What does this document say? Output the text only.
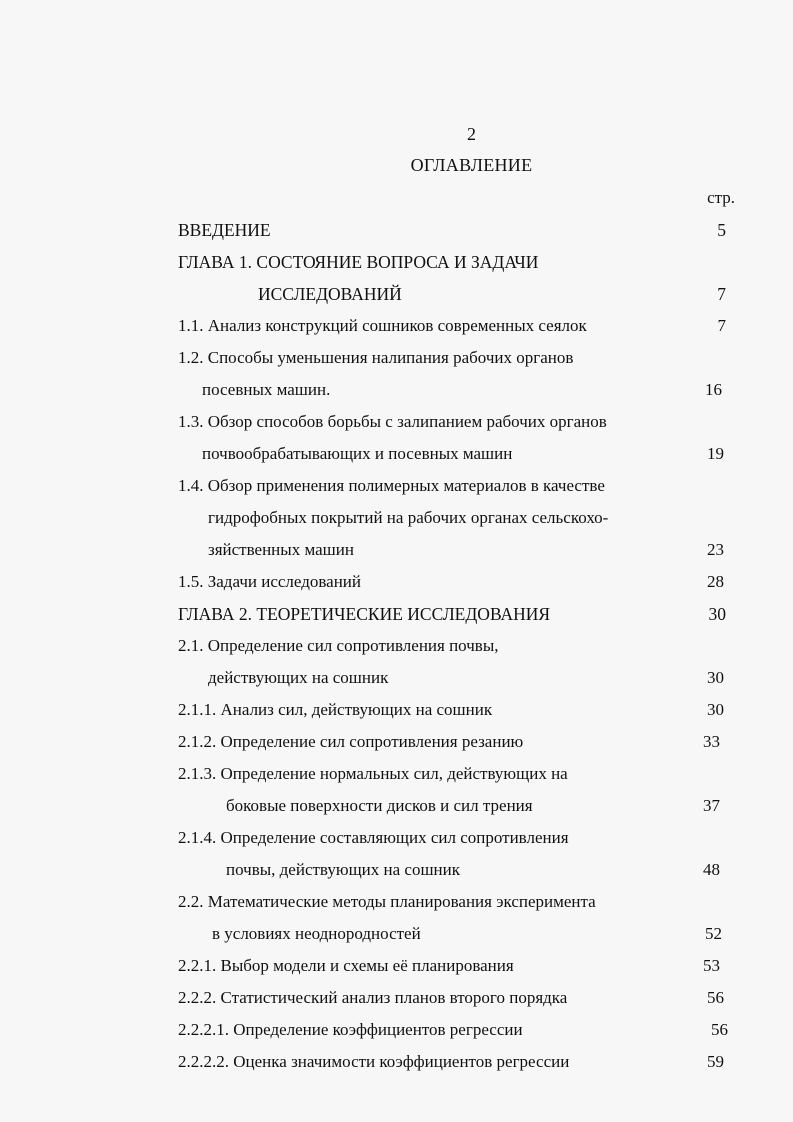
2
ОГЛАВЛЕНИЕ
стр.
ВВЕДЕНИЕ	5
ГЛАВА 1. СОСТОЯНИЕ ВОПРОСА И ЗАДАЧИ
ИССЛЕДОВАНИЙ	7
1.1. Анализ конструкций сошников современных сеялок	7
1.2. Способы уменьшения налипания рабочих органов
посевных машин.	16
1.3. Обзор способов борьбы с залипанием рабочих органов
почвообрабатывающих и посевных машин	19
1.4. Обзор применения полимерных материалов в качестве
гидрофобных покрытий на рабочих органах сельскохо-
зяйственных машин	23
1.5. Задачи исследований	28
ГЛАВА 2. ТЕОРЕТИЧЕСКИЕ ИССЛЕДОВАНИЯ	30
2.1. Определение сил сопротивления почвы,
действующих на сошник	30
2.1.1. Анализ сил, действующих на сошник	30
2.1.2. Определение сил сопротивления резанию	33
2.1.3. Определение нормальных сил, действующих на
боковые поверхности дисков и сил трения	37
2.1.4. Определение составляющих сил сопротивления
почвы, действующих на сошник	48
2.2. Математические методы планирования эксперимента
в условиях неоднородностей	52
2.2.1. Выбор модели и схемы её планирования	53
2.2.2. Статистический анализ планов второго порядка	56
2.2.2.1. Определение коэффициентов регрессии	56
2.2.2.2. Оценка значимости коэффициентов регрессии	59
